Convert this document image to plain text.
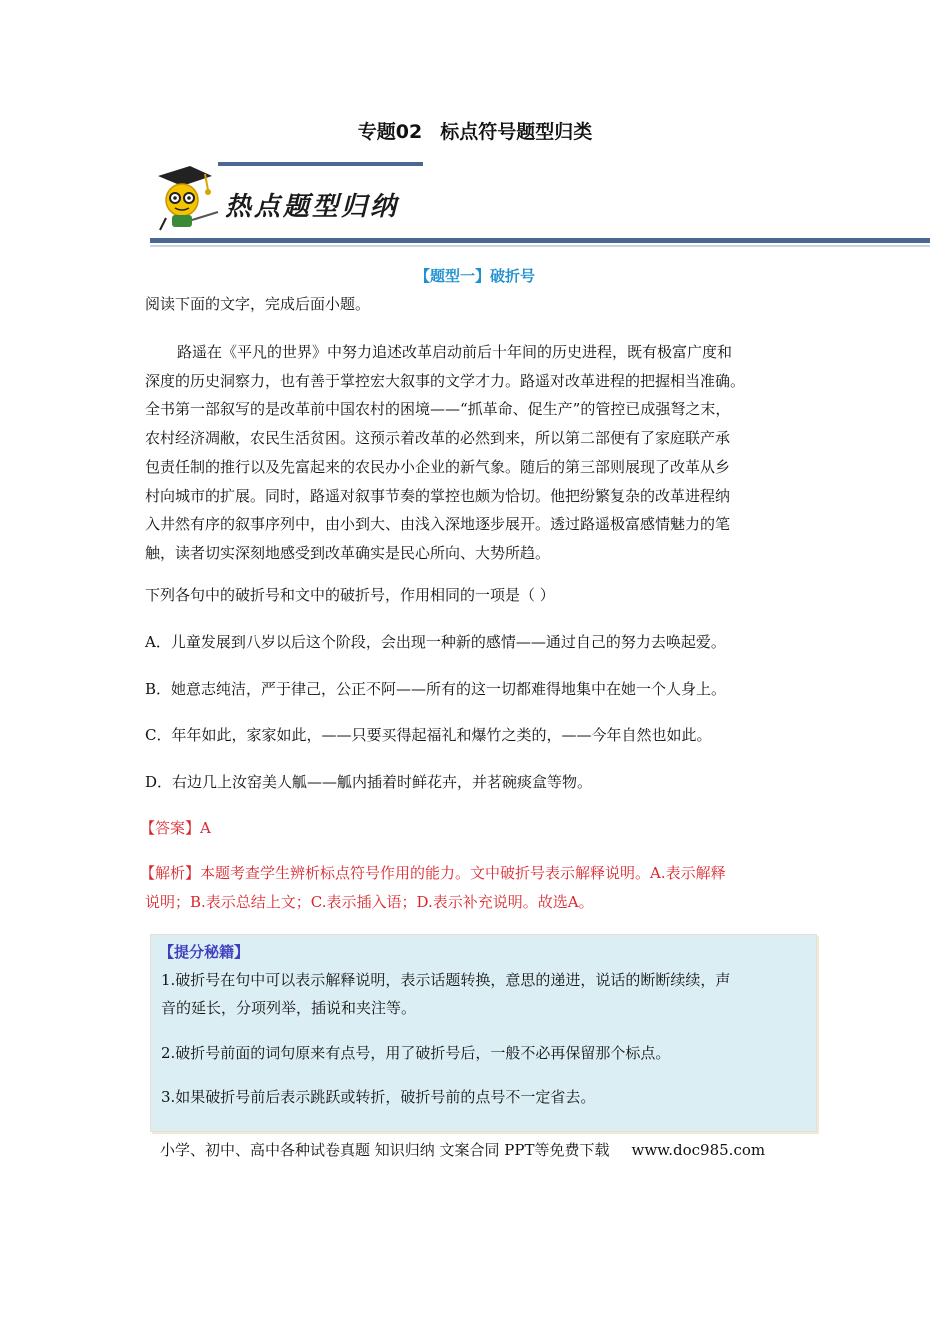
专题02 标点符号题型归类
热点题型归纳
【题型一】破折号
阅读下面的文字，完成后面小题。
路遥在《平凡的世界》中努力追述改革启动前后十年间的历史进程，既有极富广度和
深度的历史洞察力，也有善于掌控宏大叙事的文学才力。路遥对改革进程的把握相当准确。
全书第一部叙写的是改革前中国农村的困境——“抓革命、促生产”的管控已成强弩之末，
农村经济凋敝，农民生活贫困。这预示着改革的必然到来，所以第二部便有了家庭联产承
包责任制的推行以及先富起来的农民办小企业的新气象。随后的第三部则展现了改革从乡
村向城市的扩展。同时，路遥对叙事节奏的掌控也颇为恰切。他把纷繁复杂的改革进程纳
入井然有序的叙事序列中，由小到大、由浅入深地逐步展开。透过路遥极富感情魅力的笔
触，读者切实深刻地感受到改革确实是民心所向、大势所趋。
下列各句中的破折号和文中的破折号，作用相同的一项是（ ）
A．儿童发展到八岁以后这个阶段，会出现一种新的感情——通过自己的努力去唤起爱。
B．她意志纯洁，严于律己，公正不阿——所有的这一切都难得地集中在她一个人身上。
C．年年如此，家家如此，——只要买得起福礼和爆竹之类的，——今年自然也如此。
D．右边几上汝窑美人觚——觚内插着时鲜花卉，并茗碗痰盒等物。
【答案】A
【解析】本题考查学生辨析标点符号作用的能力。文中破折号表示解释说明。A.表示解释
说明；B.表示总结上文；C.表示插入语；D.表示补充说明。故选A。
【提分秘籍】
1.破折号在句中可以表示解释说明，表示话题转换，意思的递进，说话的断断续续，声
音的延长，分项列举，插说和夹注等。
2.破折号前面的词句原来有点号，用了破折号后，一般不必再保留那个标点。
3.如果破折号前后表示跳跃或转折，破折号前的点号不一定省去。
小学、初中、高中各种试卷真题 知识归纳 文案合同 PPT等免费下载 www.doc985.com
